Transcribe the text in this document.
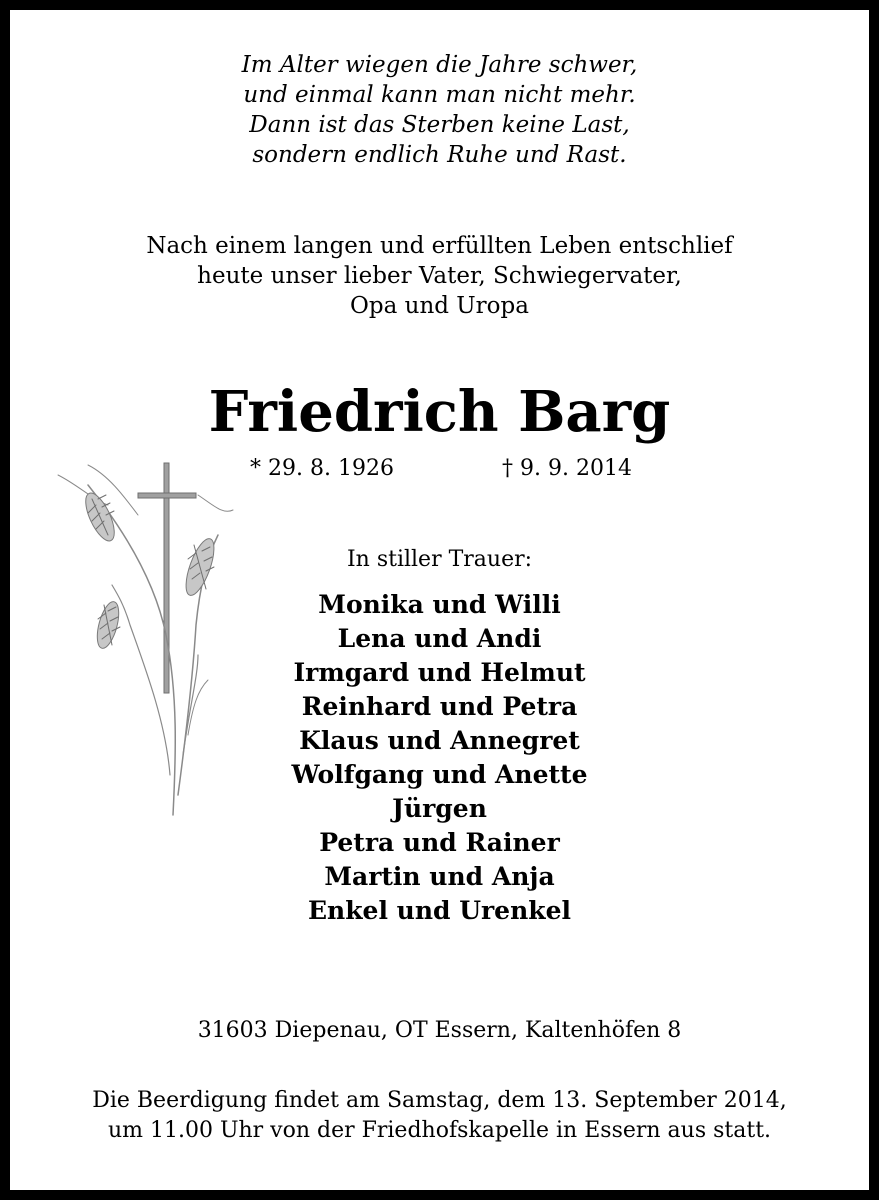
Im Alter wiegen die Jahre schwer,
und einmal kann man nicht mehr.
Dann ist das Sterben keine Last,
sondern endlich Ruhe und Rast.
Nach einem langen und erfüllten Leben entschlief
heute unser lieber Vater, Schwiegervater,
Opa und Uropa
Friedrich Barg
* 29. 8. 1926	† 9. 9. 2014
In stiller Trauer:
Monika und Willi
Lena und Andi
Irmgard und Helmut
Reinhard und Petra
Klaus und Annegret
Wolfgang und Anette
Jürgen
Petra und Rainer
Martin und Anja
Enkel und Urenkel
31603 Diepenau, OT Essern, Kaltenhöfen 8
Die Beerdigung findet am Samstag, dem 13. September 2014,
um 11.00 Uhr von der Friedhofskapelle in Essern aus statt.
